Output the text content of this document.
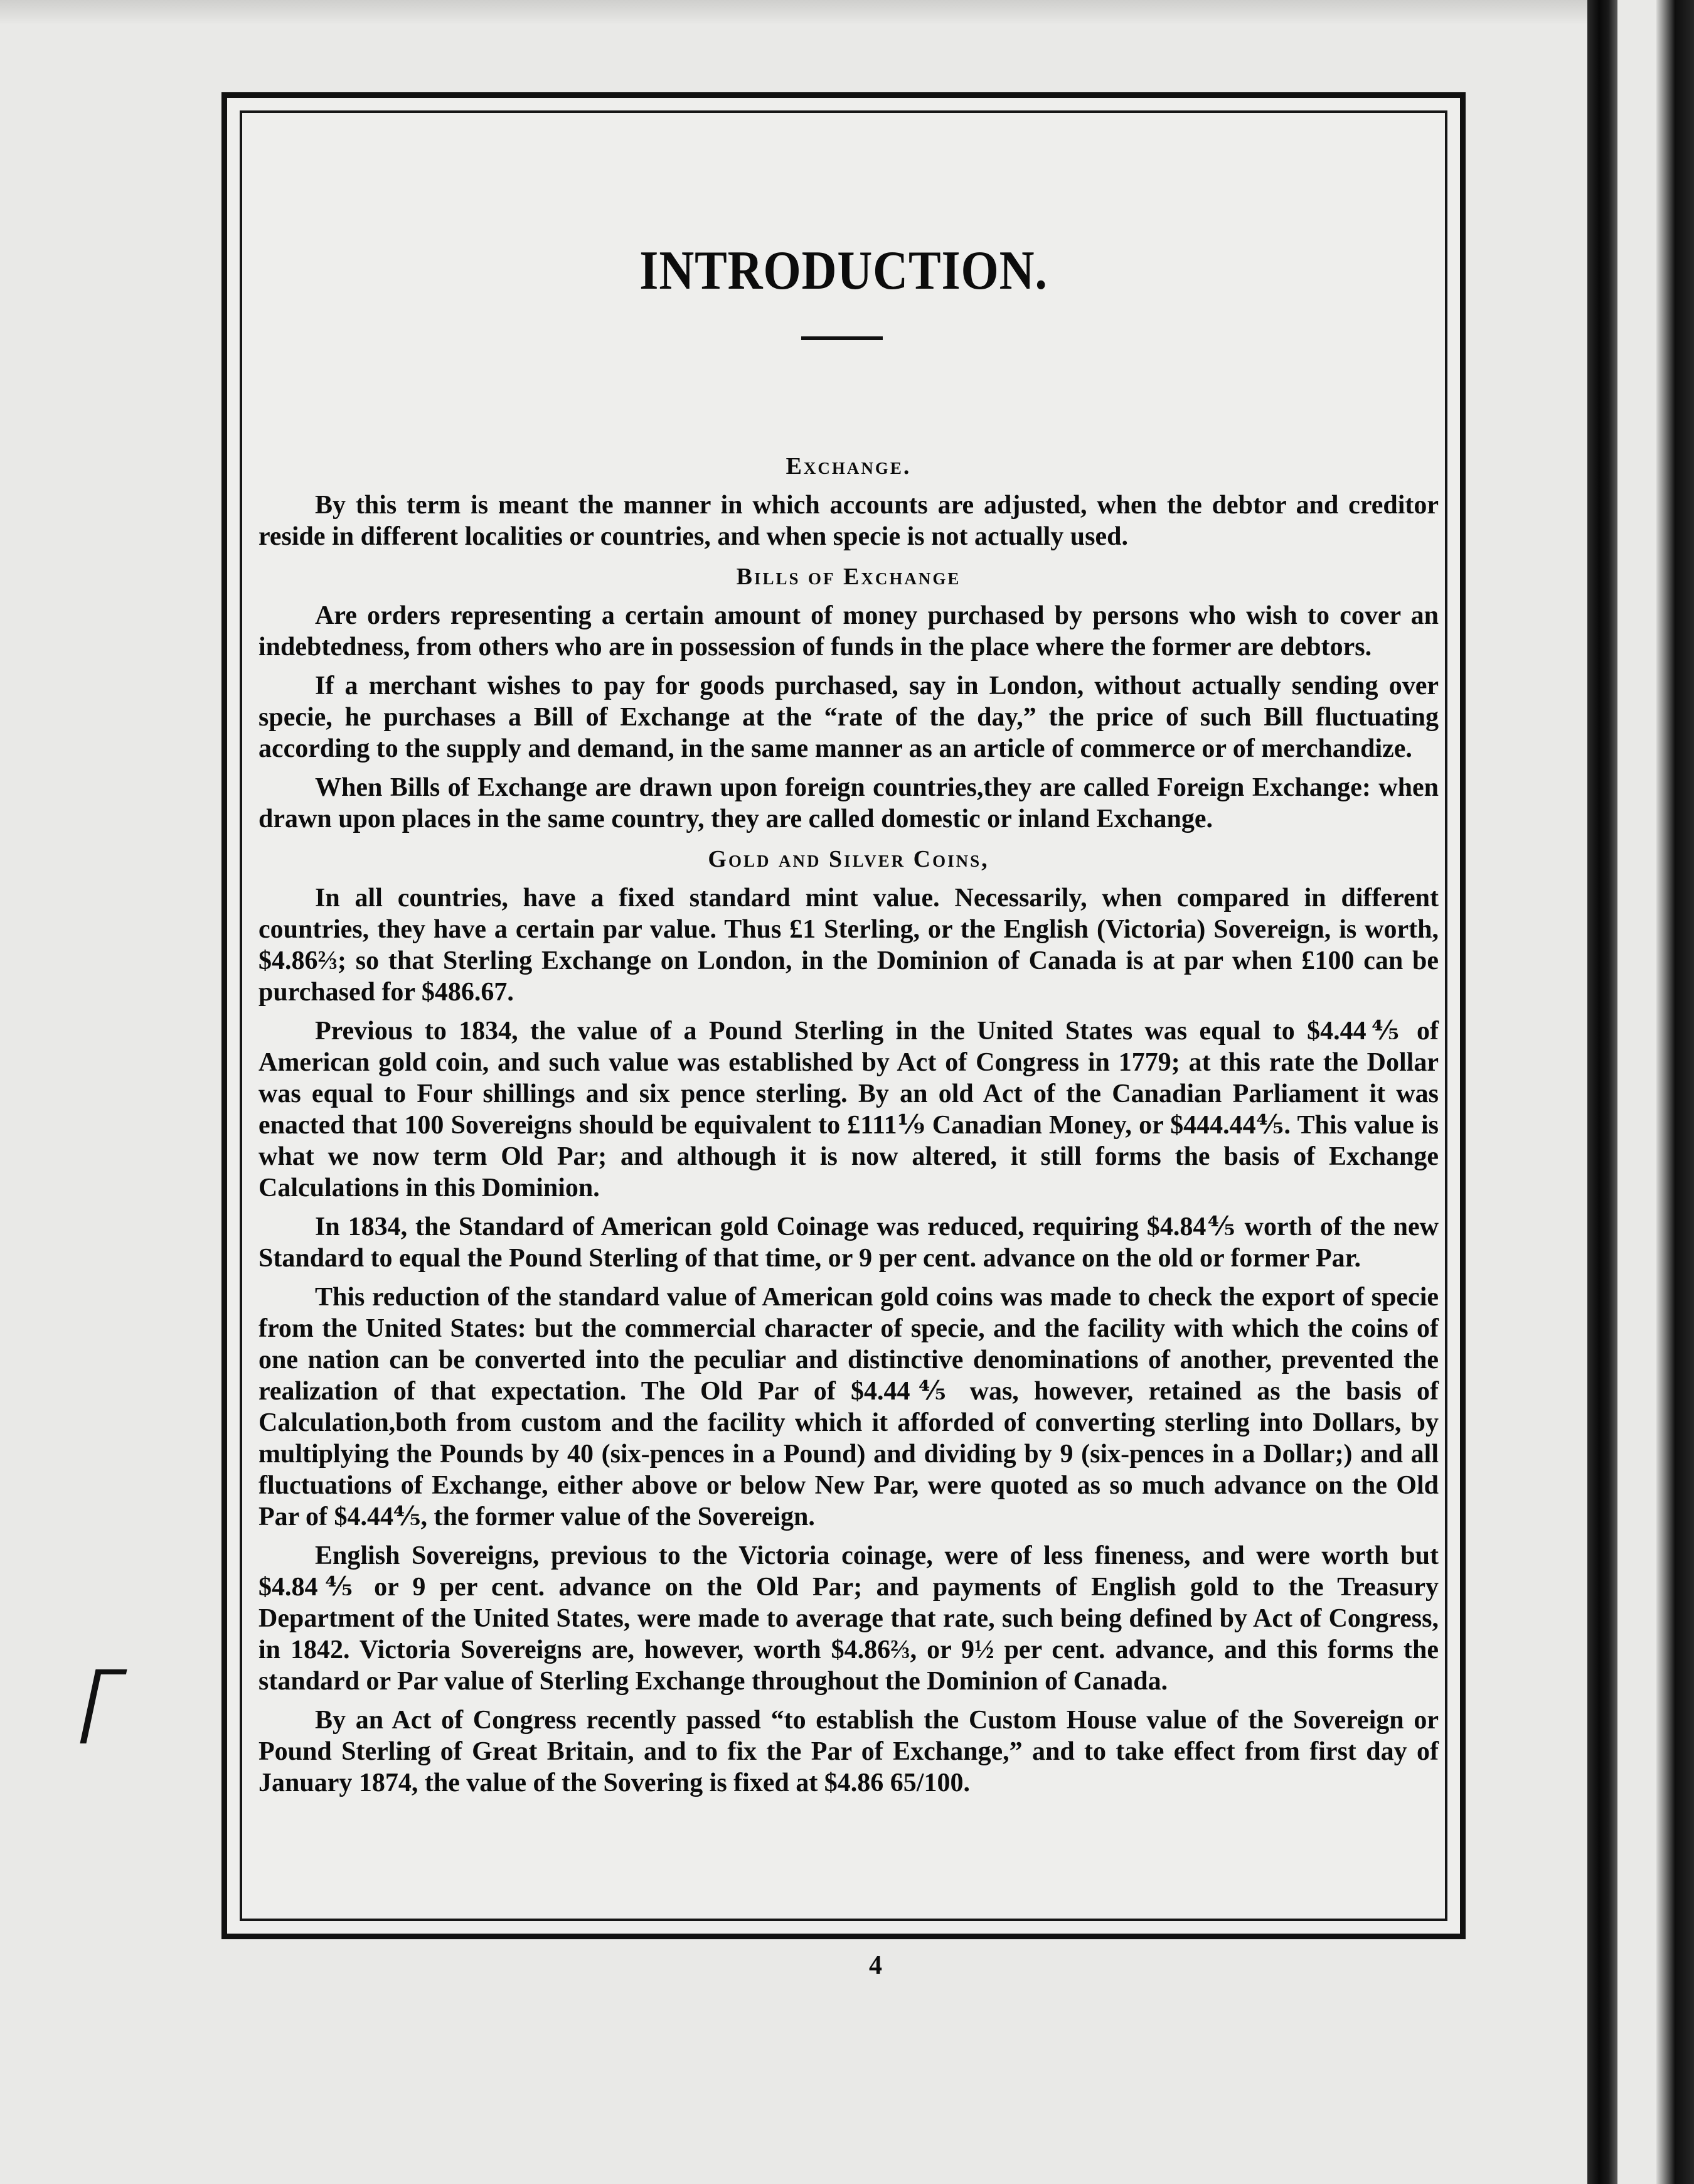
INTRODUCTION.
Exchange.

By this term is meant the manner in which accounts are adjusted, when the debtor and creditor reside in different localities or countries, and when specie is not actually used.

Bills of Exchange

Are orders representing a certain amount of money purchased by persons who wish to cover an indebtedness, from others who are in possession of funds in the place where the former are debtors.

If a merchant wishes to pay for goods purchased, say in London, without actually sending over specie, he purchases a Bill of Exchange at the “rate of the day,” the price of such Bill fluctuating according to the supply and demand, in the same manner as an article of commerce or of merchandize.

When Bills of Exchange are drawn upon foreign countries,they are called Foreign Exchange: when drawn upon places in the same country, they are called domestic or inland Exchange.

Gold and Silver Coins,

In all countries, have a fixed standard mint value. Necessarily, when compared in different countries, they have a certain par value. Thus £1 Sterling, or the English (Victoria) Sovereign, is worth, $4.86⅔; so that Sterling Exchange on London, in the Dominion of Canada is at par when £100 can be purchased for $486.67.

Previous to 1834, the value of a Pound Sterling in the United States was equal to $4.44⅘ of American gold coin, and such value was established by Act of Congress in 1779; at this rate the Dollar was equal to Four shillings and six pence sterling. By an old Act of the Canadian Parliament it was enacted that 100 Sovereigns should be equivalent to £111⅑ Canadian Money, or $444.44⅘. This value is what we now term Old Par; and although it is now altered, it still forms the basis of Exchange Calculations in this Dominion.

In 1834, the Standard of American gold Coinage was reduced, requiring $4.84⅘ worth of the new Standard to equal the Pound Sterling of that time, or 9 per cent. advance on the old or former Par.

This reduction of the standard value of American gold coins was made to check the export of specie from the United States: but the commercial character of specie, and the facility with which the coins of one nation can be converted into the peculiar and distinctive denominations of another, prevented the realization of that expectation. The Old Par of $4.44⅘ was, however, retained as the basis of Calculation,both from custom and the facility which it afforded of converting sterling into Dollars, by multiplying the Pounds by 40 (six-pences in a Pound) and dividing by 9 (six-pences in a Dollar;) and all fluctuations of Exchange, either above or below New Par, were quoted as so much advance on the Old Par of $4.44⅘, the former value of the Sovereign.

English Sovereigns, previous to the Victoria coinage, were of less fineness, and were worth but $4.84⅘ or 9 per cent. advance on the Old Par; and payments of English gold to the Treasury Department of the United States, were made to average that rate, such being defined by Act of Congress, in 1842. Victoria Sovereigns are, however, worth $4.86⅔, or 9½ per cent. advance, and this forms the standard or Par value of Sterling Exchange throughout the Dominion of Canada.

By an Act of Congress recently passed “to establish the Custom House value of the Sovereign or Pound Sterling of Great Britain, and to fix the Par of Exchange,” and to take effect from first day of January 1874, the value of the Sovering is fixed at $4.86 65/100.

4
